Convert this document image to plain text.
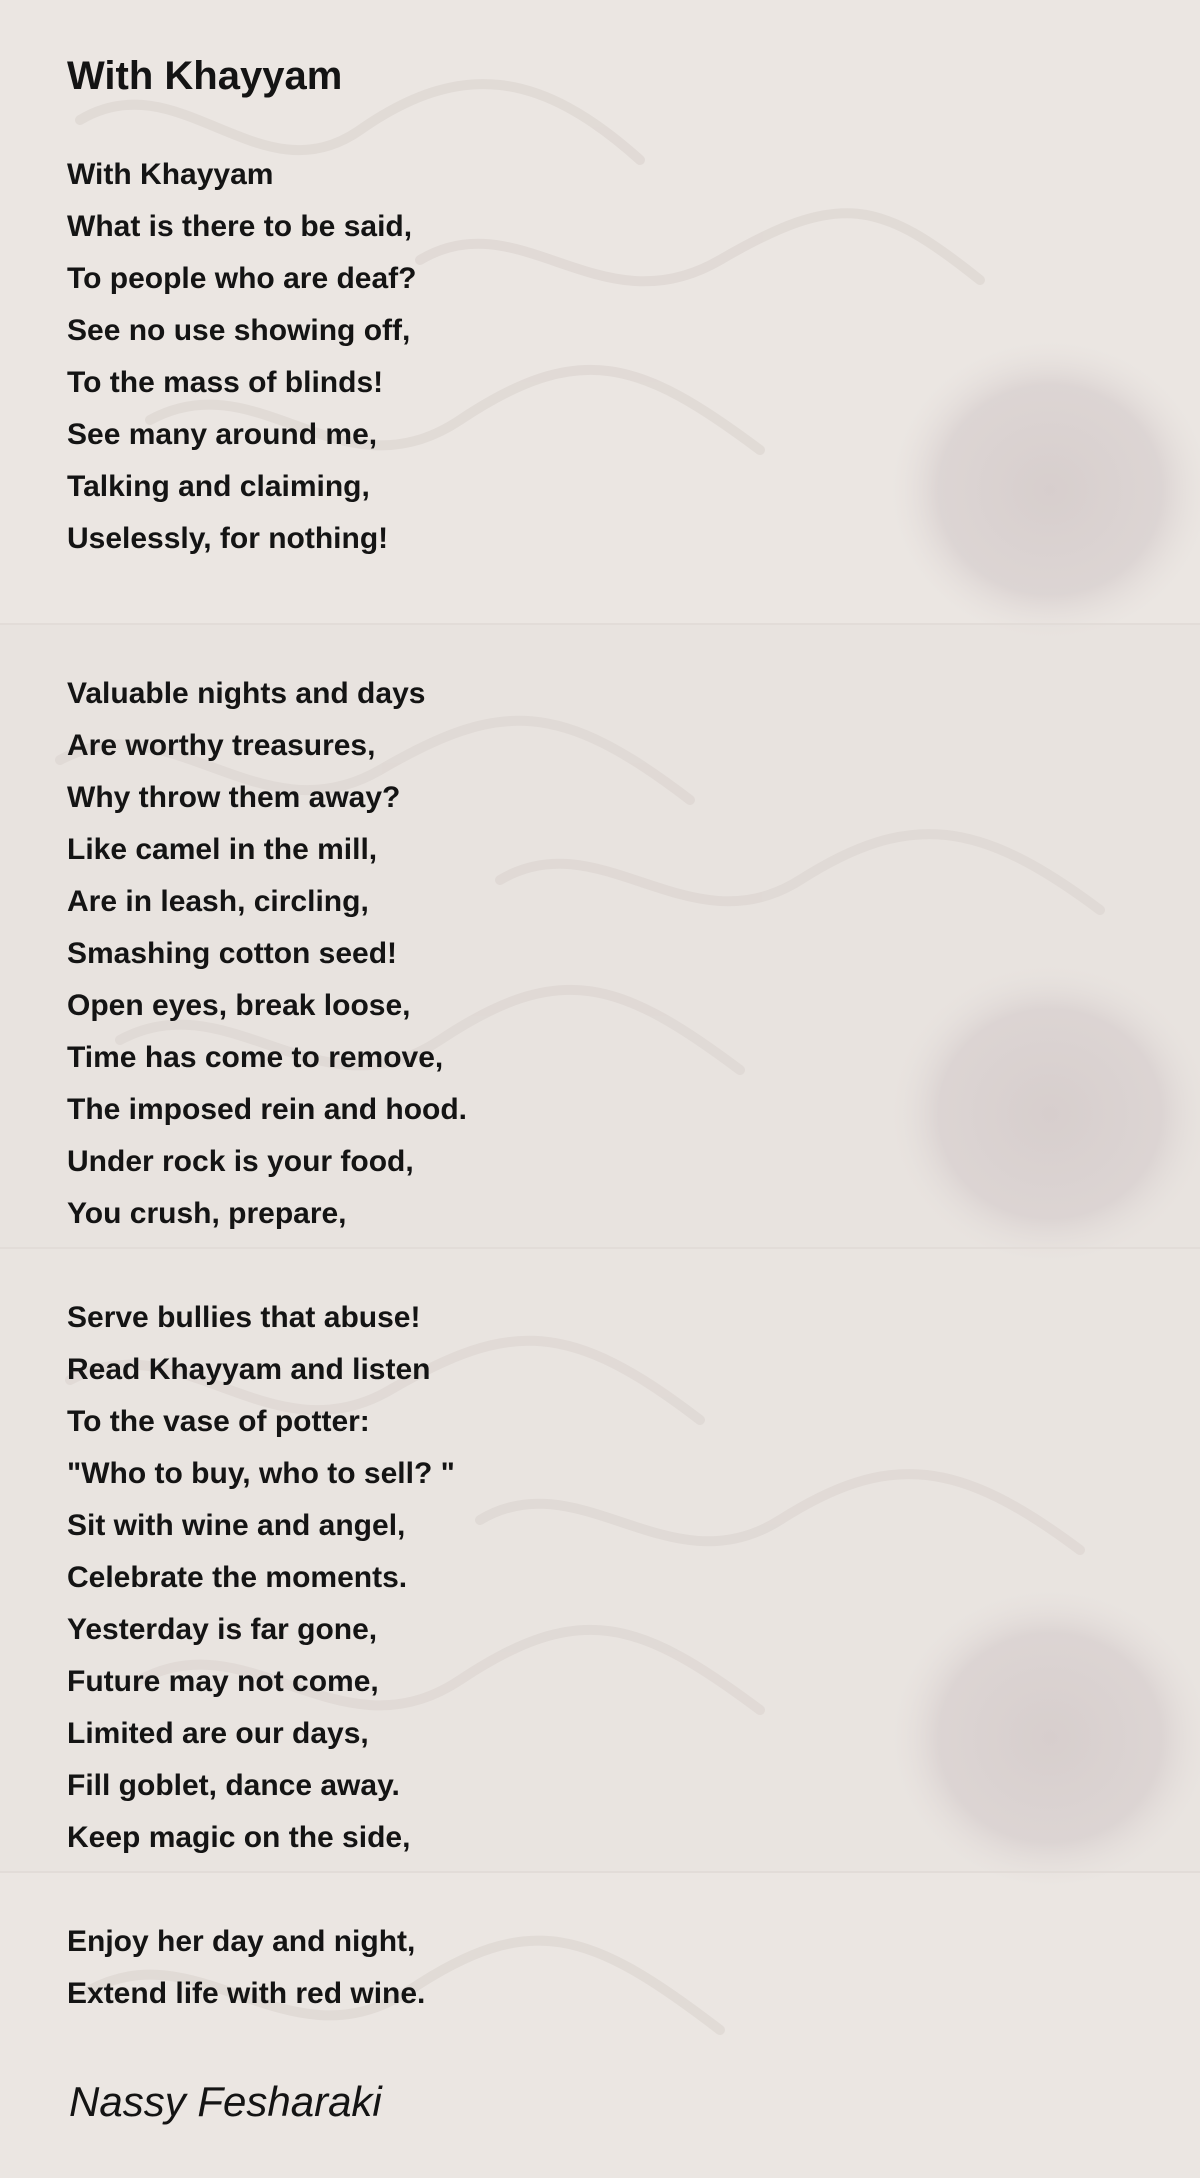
With Khayyam
With Khayyam
What is there to be said,
To people who are deaf?
See no use showing off,
To the mass of blinds!
See many around me,
Talking and claiming,
Uselessly, for nothing!
Valuable nights and days
Are worthy treasures,
Why throw them away?
Like camel in the mill,
Are in leash, circling,
Smashing cotton seed!
Open eyes, break loose,
Time has come to remove,
The imposed rein and hood.
Under rock is your food,
You crush, prepare,
Serve bullies that abuse!
Read Khayyam and listen
To the vase of potter:
"Who to buy, who to sell? "
Sit with wine and angel,
Celebrate the moments.
Yesterday is far gone,
Future may not come,
Limited are our days,
Fill goblet, dance away.
Keep magic on the side,
Enjoy her day and night,
Extend life with red wine.

Nassy Fesharaki
